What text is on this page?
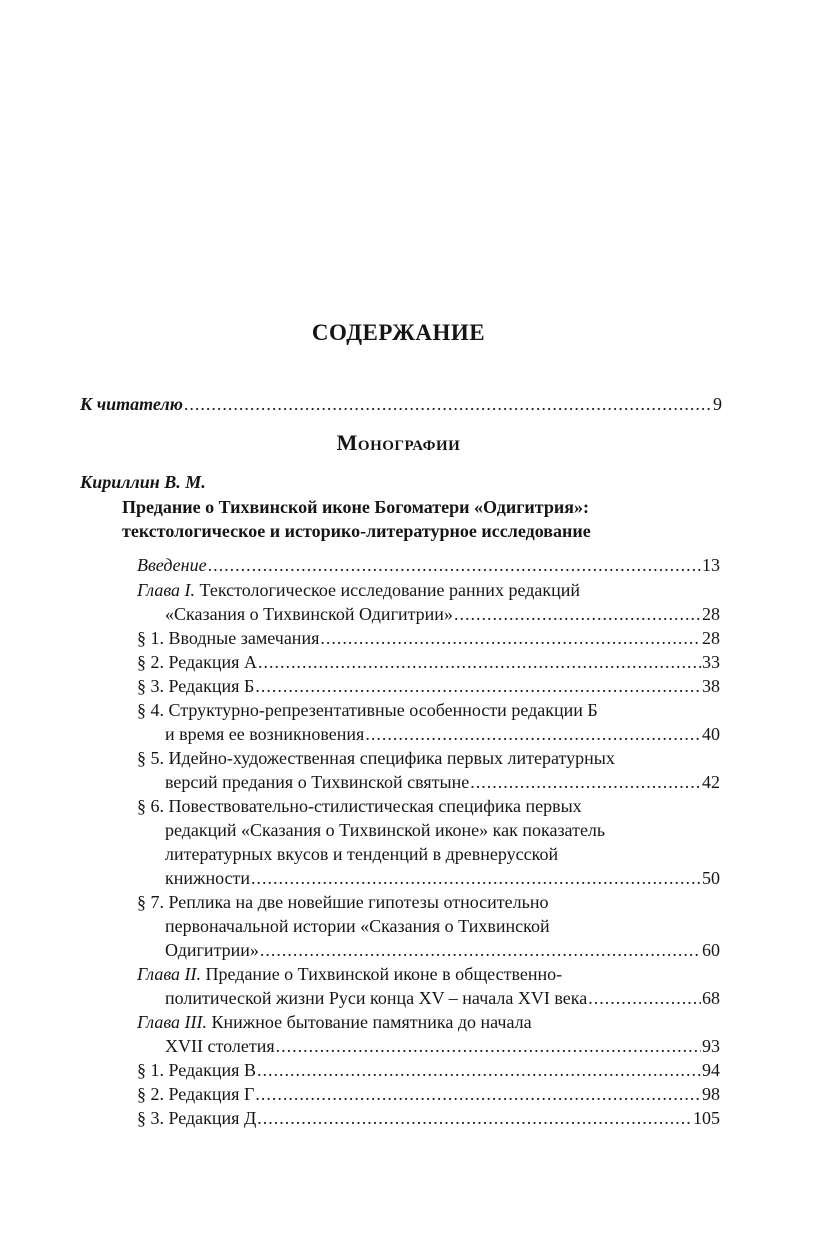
СОДЕРЖАНИЕ
К читателю .....	9
Монографии
Кириллин В. М.
Предание о Тихвинской иконе Богоматери «Одигитрия»:
текстологическое и историко-литературное исследование
Введение .....	13
Глава I. Текстологическое исследование ранних редакций
«Сказания о Тихвинской Одигитрии» .....	28
§ 1. Вводные замечания .....	28
§ 2. Редакция А .....	33
§ 3. Редакция Б .....	38
§ 4. Структурно-репрезентативные особенности редакции Б
и время ее возникновения .....	40
§ 5. Идейно-художественная специфика первых литературных
версий предания о Тихвинской святыне .....	42
§ 6. Повествовательно-стилистическая специфика первых
редакций «Сказания о Тихвинской иконе» как показатель
литературных вкусов и тенденций в древнерусской
книжности .....	50
§ 7. Реплика на две новейшие гипотезы относительно
первоначальной истории «Сказания о Тихвинской
Одигитрии» .....	60
Глава II. Предание о Тихвинской иконе в общественно-
политической жизни Руси конца XV – начала XVI века .....	68
Глава III. Книжное бытование памятника до начала
XVII столетия .....	93
§ 1. Редакция В .....	94
§ 2. Редакция Г .....	98
§ 3. Редакция Д .....	105
